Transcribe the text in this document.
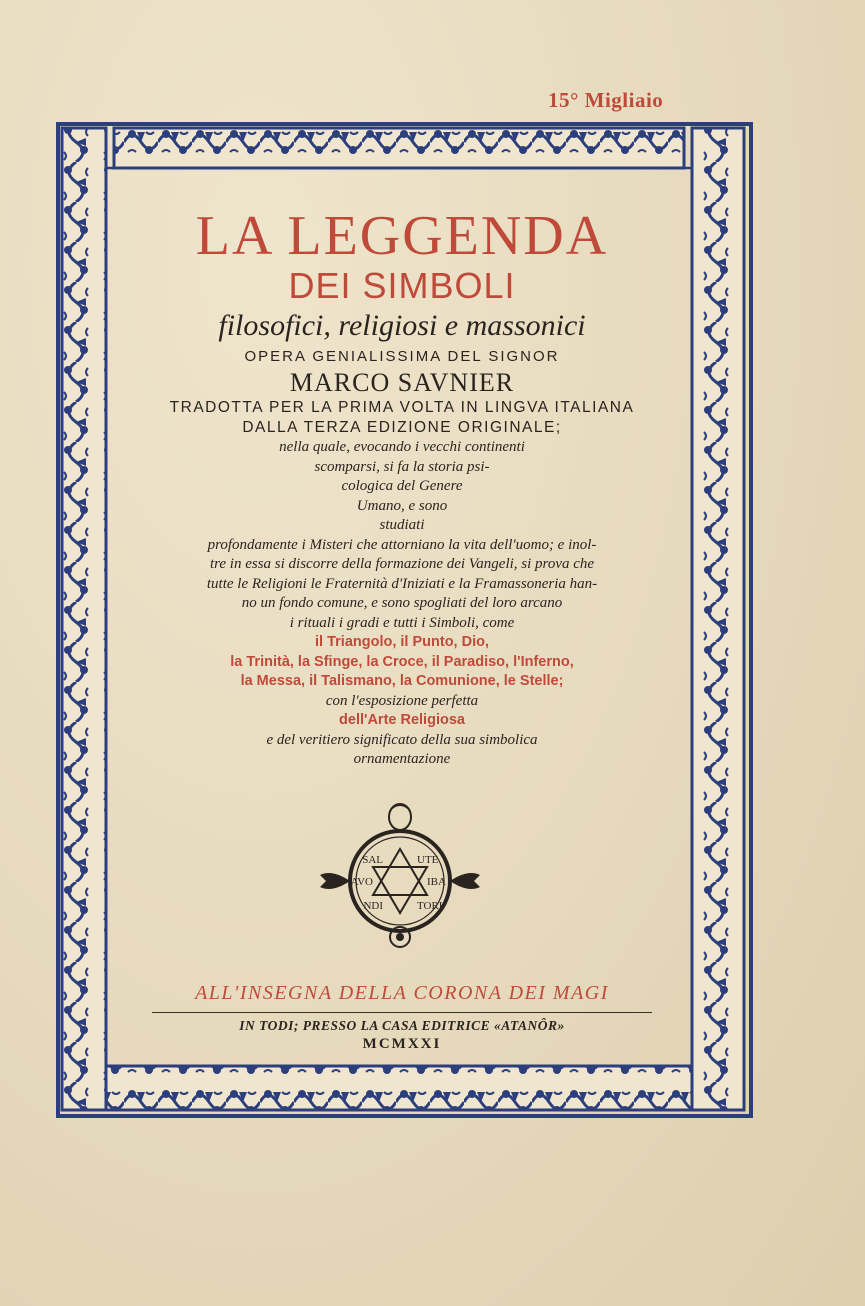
15° Migliaio
LA LEGGENDA
DEI SIMBOLI
filosofici, religiosi e massonici
OPERA GENIALISSIMA DEL SIGNOR
MARCO SAVNIER
TRADOTTA PER LA PRIMA VOLTA IN LINGVA ITALIANA
DALLA TERZA EDIZIONE ORIGINALE;
nella quale, evocando i vecchi continenti
scomparsi, si fa la storia psi-
cologica del Genere
Umano, e sono
studiati
profondamente i Misteri che attorniano la vita dell'uomo; e inol-
tre in essa si discorre della formazione dei Vangeli, si prova che
tutte le Religioni le Fraternità d'Iniziati e la Framassoneria han-
no un fondo comune, e sono spogliati del loro arcano
i rituali i gradi e tutti i Simboli, come
il Triangolo, il Punto, Dio,
la Trinità, la Sfinge, la Croce, il Paradiso, l'Inferno,
la Messa, il Talismano, la Comunione, le Stelle;
con l'esposizione perfetta
dell'Arte Religiosa
e del veritiero significato della sua simbolica
ornamentazione
SAL	UTE
AVO	IBA
NDI	TORI
ALL'INSEGNA DELLA CORONA DEI MAGI
IN TODI; PRESSO LA CASA EDITRICE «ATANÔR»
MCMXXI
